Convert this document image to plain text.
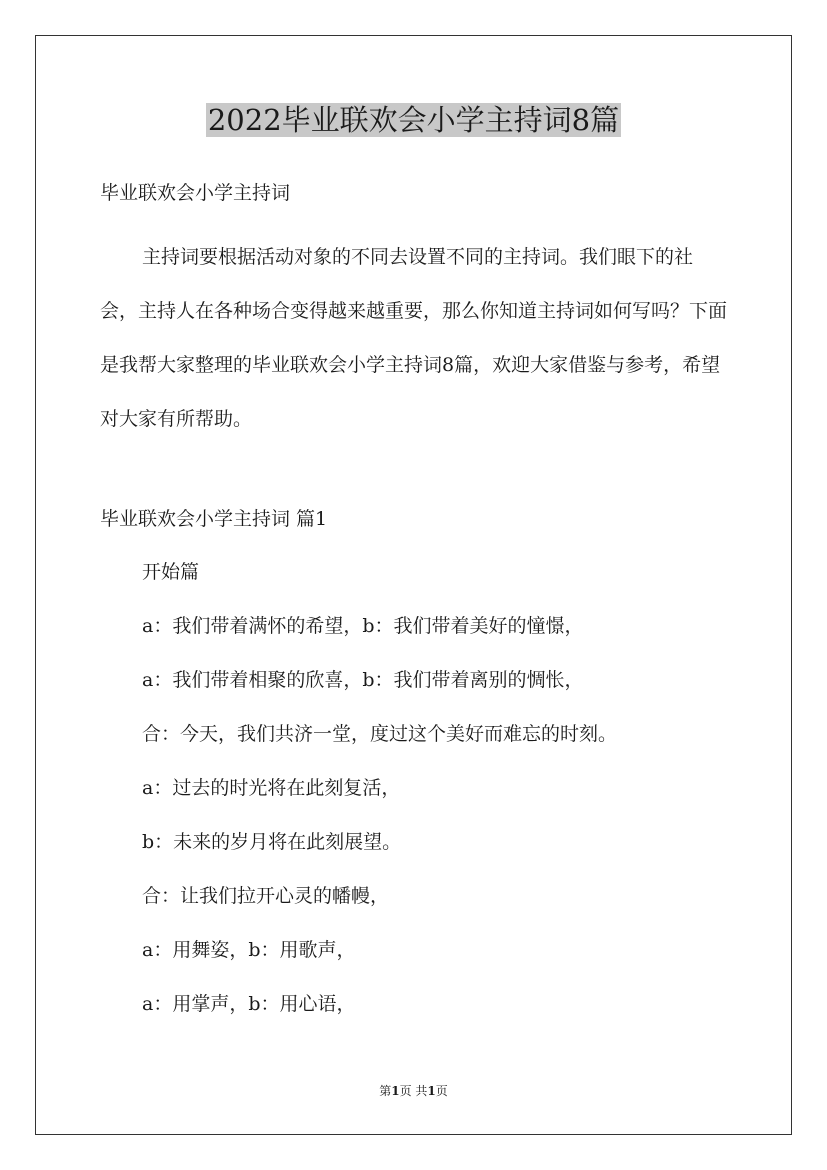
2022毕业联欢会小学主持词8篇

毕业联欢会小学主持词

主持词要根据活动对象的不同去设置不同的主持词。我们眼下的社会，主持人在各种场合变得越来越重要，那么你知道主持词如何写吗？下面是我帮大家整理的毕业联欢会小学主持词8篇，欢迎大家借鉴与参考，希望对大家有所帮助。

毕业联欢会小学主持词 篇1

开始篇

a：我们带着满怀的希望，b：我们带着美好的憧憬，

a：我们带着相聚的欣喜，b：我们带着离别的惆怅，

合：今天，我们共济一堂，度过这个美好而难忘的时刻。

a：过去的时光将在此刻复活，

b：未来的岁月将在此刻展望。

合：让我们拉开心灵的幡幔，

a：用舞姿，b：用歌声，

a：用掌声，b：用心语，

第1页 共1页
